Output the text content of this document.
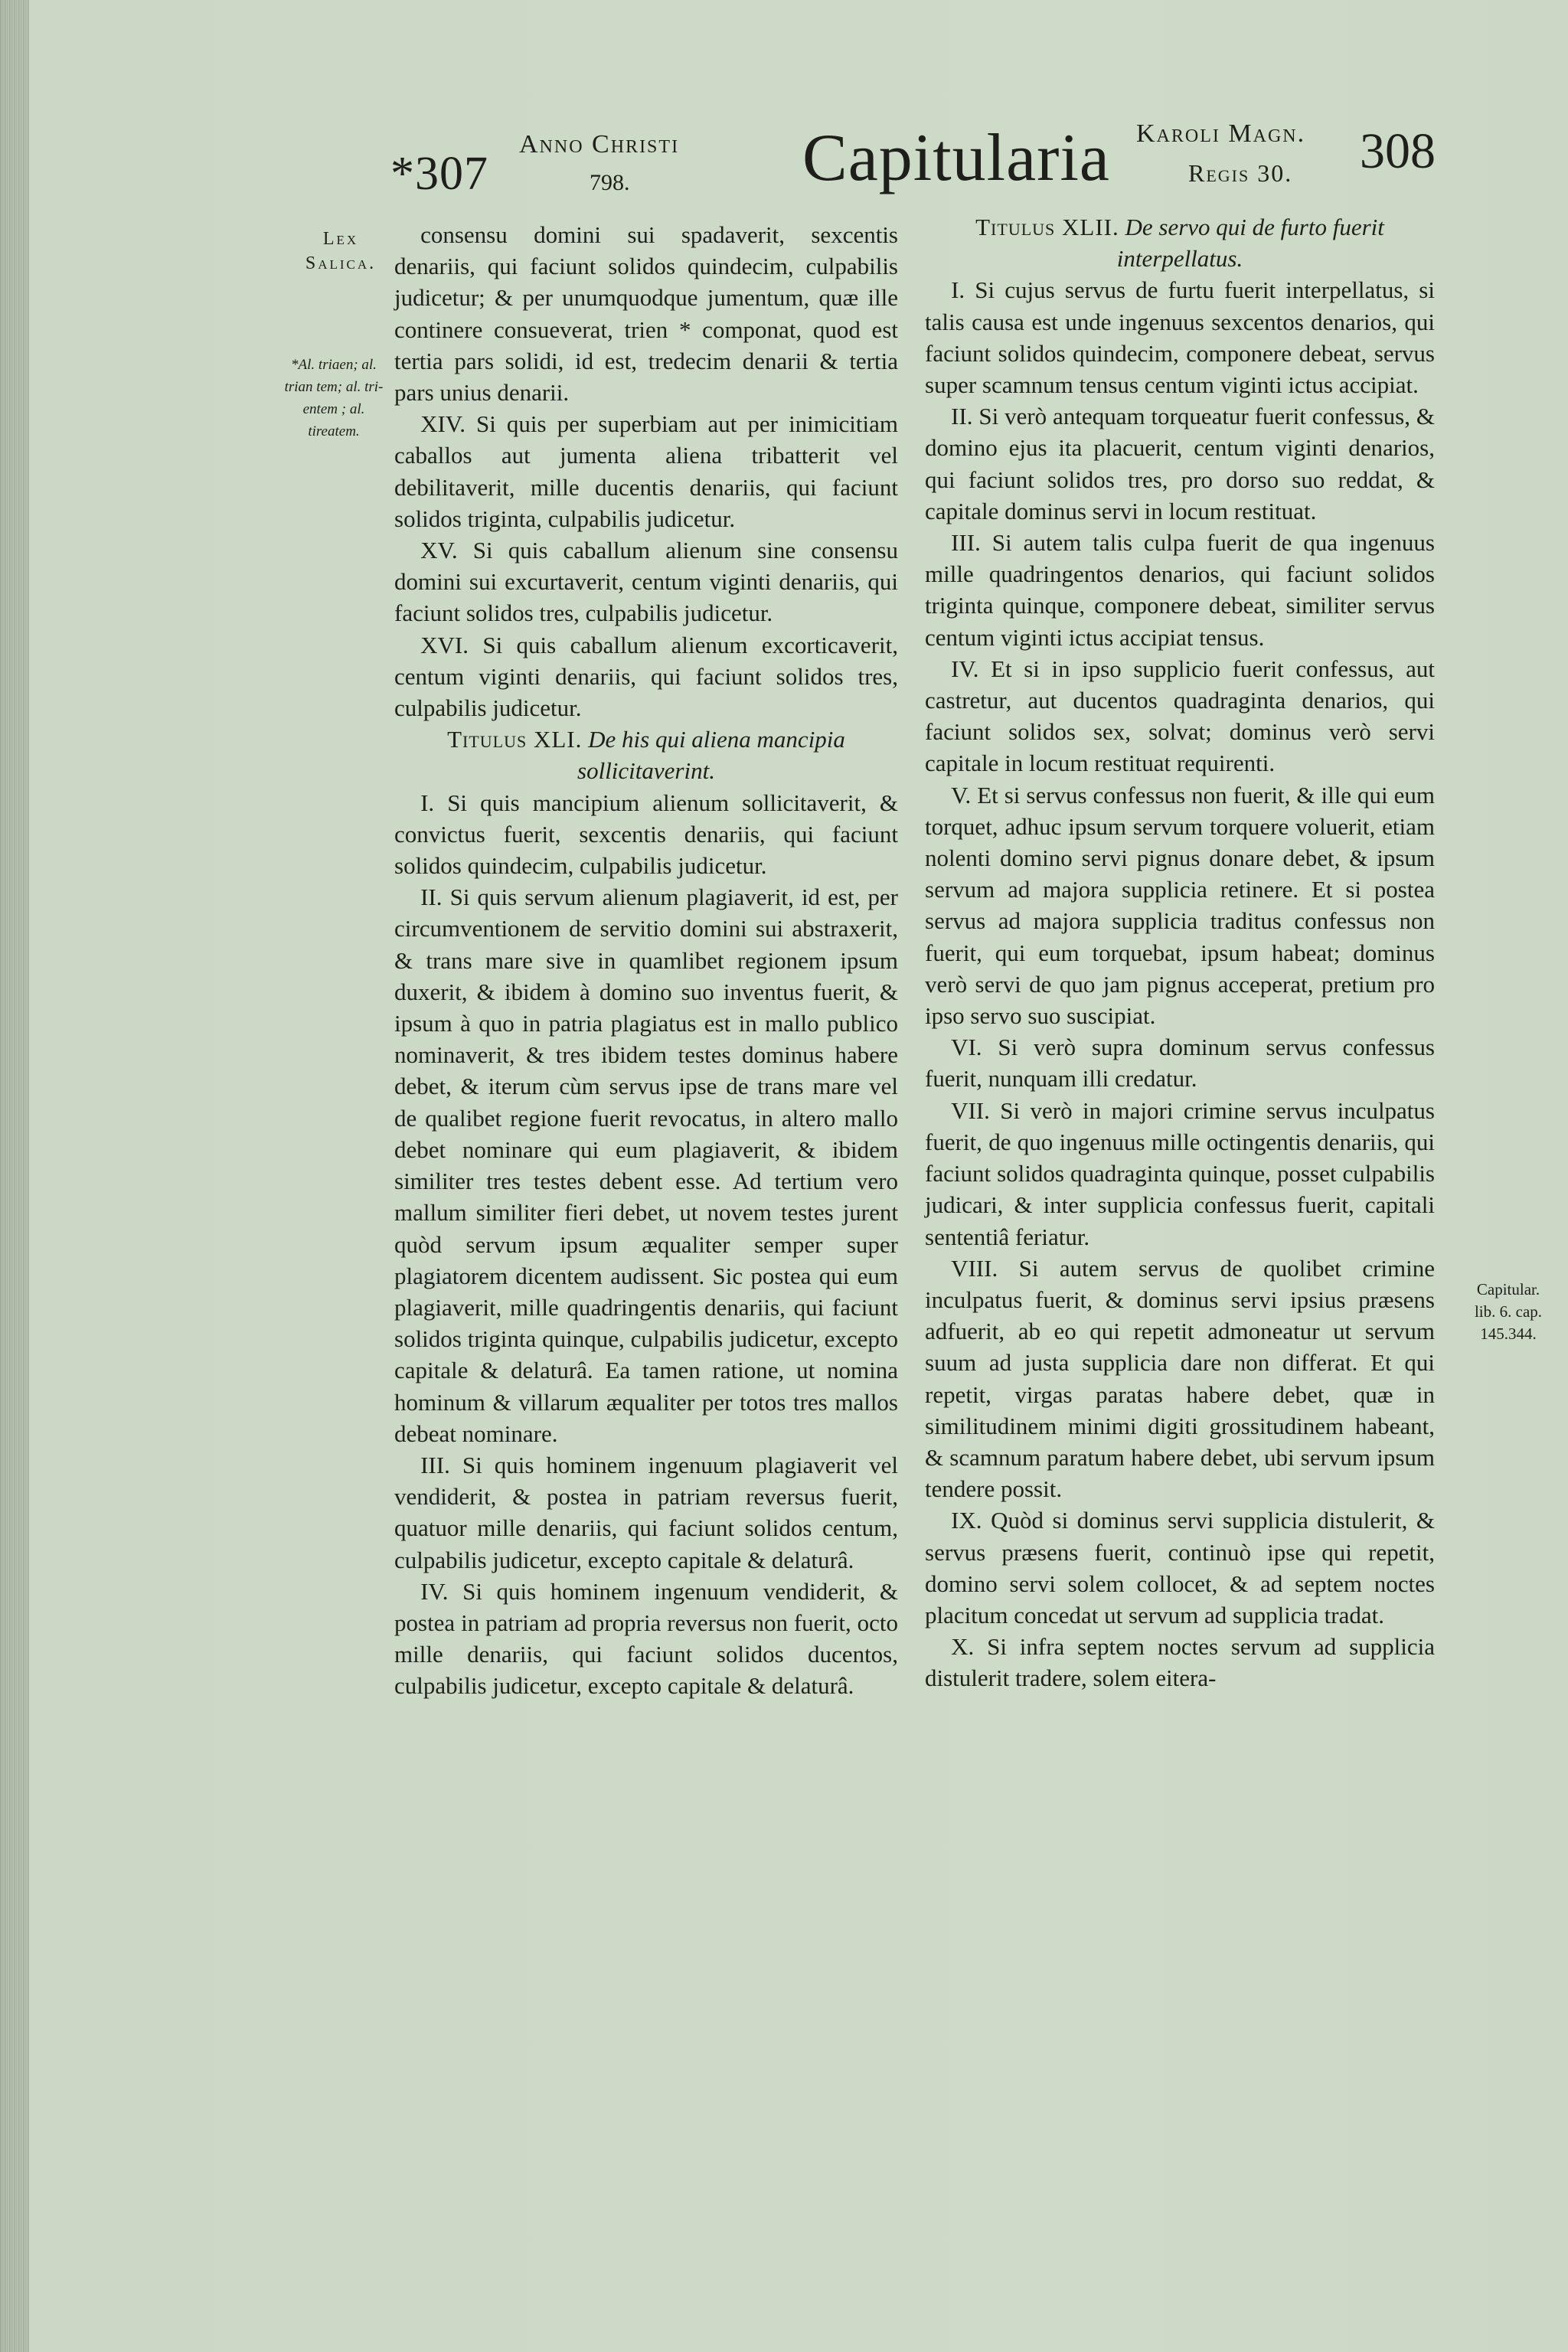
*307
Anno Christi
798.	Capitularia Karoli Magn.
Regis 30. 308
Lex
Salica.
*Al. triaen; al. trian tem; al. tri-entem ; al. tireatem.
Capitular.
lib. 6. cap.
145.344.

consensu domini sui spadaverit, sexcentis denariis, qui faciunt solidos quindecim, culpabilis judicetur; & per unumquodque jumentum, quæ ille continere consueverat, trien * componat, quod est tertia pars solidi, id est, tredecim denarii & tertia pars unius denarii.

XIV. Si quis per superbiam aut per inimicitiam caballos aut jumenta aliena tribatterit vel debilitaverit, mille ducentis denariis, qui faciunt solidos triginta, culpabilis judicetur.

XV. Si quis caballum alienum sine consensu domini sui excurtaverit, centum viginti denariis, qui faciunt solidos tres, culpabilis judicetur.

XVI. Si quis caballum alienum excorticaverit, centum viginti denariis, qui faciunt solidos tres, culpabilis judicetur.

Titulus XLI. De his qui aliena mancipia sollicitaverint.

I. Si quis mancipium alienum sollicitaverit, & convictus fuerit, sexcentis denariis, qui faciunt solidos quindecim, culpabilis judicetur.

II. Si quis servum alienum plagiaverit, id est, per circumventionem de servitio domini sui abstraxerit, & trans mare sive in quamlibet regionem ipsum duxerit, & ibidem à domino suo inventus fuerit, & ipsum à quo in patria plagiatus est in mallo publico nominaverit, & tres ibidem testes dominus habere debet, & iterum cùm servus ipse de trans mare vel de qualibet regione fuerit revocatus, in altero mallo debet nominare qui eum plagiaverit, & ibidem similiter tres testes debent esse. Ad tertium vero mallum similiter fieri debet, ut novem testes jurent quòd servum ipsum æqualiter semper super plagiatorem dicentem audissent. Sic postea qui eum plagiaverit, mille quadringentis denariis, qui faciunt solidos triginta quinque, culpabilis judicetur, excepto capitale & delaturâ. Ea tamen ratione, ut nomina hominum & villarum æqualiter per totos tres mallos debeat nominare.

III. Si quis hominem ingenuum plagiaverit vel vendiderit, & postea in patriam reversus fuerit, quatuor mille denariis, qui faciunt solidos centum, culpabilis judicetur, excepto capitale & delaturâ.

IV. Si quis hominem ingenuum vendiderit, & postea in patriam ad propria reversus non fuerit, octo mille denariis, qui faciunt solidos ducentos, culpabilis judicetur, excepto capitale & delaturâ.

Titulus XLII. De servo qui de furto fuerit interpellatus.

I. Si cujus servus de furtu fuerit interpellatus, si talis causa est unde ingenuus sexcentos denarios, qui faciunt solidos quindecim, componere debeat, servus super scamnum tensus centum viginti ictus accipiat.

II. Si verò antequam torqueatur fuerit confessus, & domino ejus ita placuerit, centum viginti denarios, qui faciunt solidos tres, pro dorso suo reddat, & capitale dominus servi in locum restituat.

III. Si autem talis culpa fuerit de qua ingenuus mille quadringentos denarios, qui faciunt solidos triginta quinque, componere debeat, similiter servus centum viginti ictus accipiat tensus.

IV. Et si in ipso supplicio fuerit confessus, aut castretur, aut ducentos quadraginta denarios, qui faciunt solidos sex, solvat; dominus verò servi capitale in locum restituat requirenti.

V. Et si servus confessus non fuerit, & ille qui eum torquet, adhuc ipsum servum torquere voluerit, etiam nolenti domino servi pignus donare debet, & ipsum servum ad majora supplicia retinere. Et si postea servus ad majora supplicia traditus confessus non fuerit, qui eum torquebat, ipsum habeat; dominus verò servi de quo jam pignus acceperat, pretium pro ipso servo suo suscipiat.

VI. Si verò supra dominum servus confessus fuerit, nunquam illi credatur.

VII. Si verò in majori crimine servus inculpatus fuerit, de quo ingenuus mille octingentis denariis, qui faciunt solidos quadraginta quinque, posset culpabilis judicari, & inter supplicia confessus fuerit, capitali sententiâ feriatur.

VIII. Si autem servus de quolibet crimine inculpatus fuerit, & dominus servi ipsius præsens adfuerit, ab eo qui repetit admoneatur ut servum suum ad justa supplicia dare non differat. Et qui repetit, virgas paratas habere debet, quæ in similitudinem minimi digiti grossitudinem habeant, & scamnum paratum habere debet, ubi servum ipsum tendere possit.

IX. Quòd si dominus servi supplicia distulerit, & servus præsens fuerit, continuò ipse qui repetit, domino servi solem collocet, & ad septem noctes placitum concedat ut servum ad supplicia tradat.

X. Si infra septem noctes servum ad supplicia distulerit tradere, solem eitera-
